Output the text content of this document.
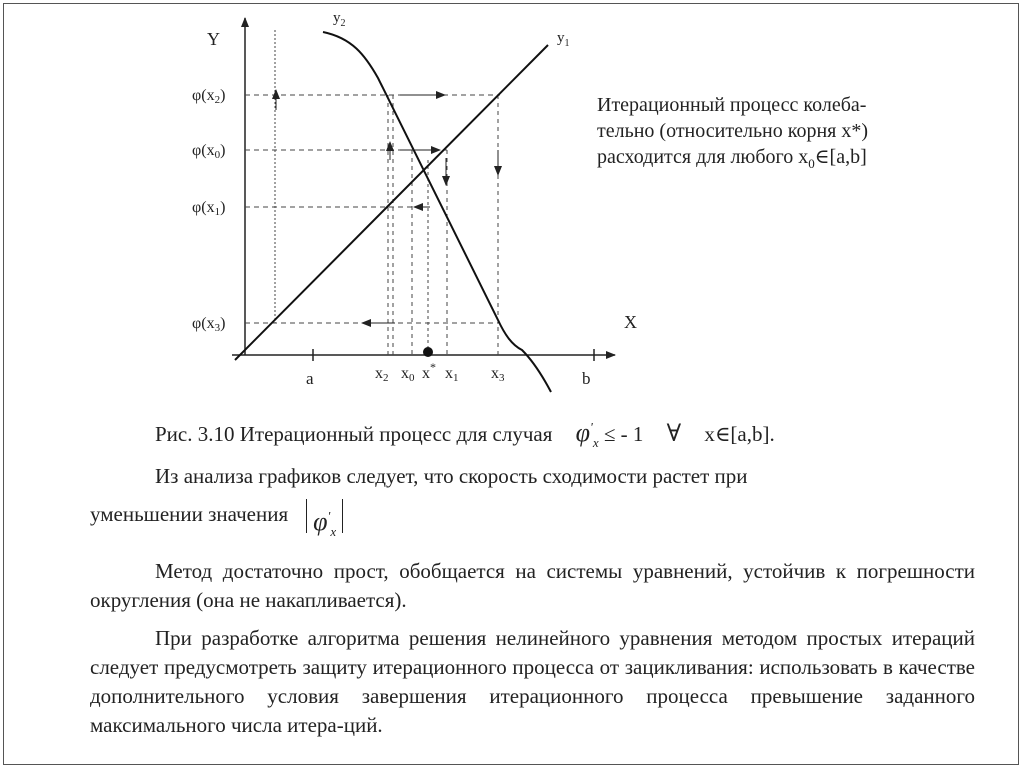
Y
X
$y_2$
$y_1$
φ(x2)
φ(x0)
φ(x1)
φ(x3)
a	x2 x0 x* x1 x3	b

Итерационный процесс колеба-
тельно (относительно корня x*)
расходится для любого $x_0\in[a,b]$

Рис. 3.10 Итерационный процесс для случая $\varphi'_x$ ≤ - 1 ∀ x∈[a,b].

Из анализа графиков следует, что скорость сходимости растет при
уменьшении значения $\varphi'_x$

Метод достаточно прост, обобщается на системы уравнений, устойчив к погрешности округления (она не накапливается).

При разработке алгоритма решения нелинейного уравнения методом простых итераций следует предусмотреть защиту итерационного процесса от зацикливания: использовать в качестве дополнительного условия завершения итерационного процесса превышение заданного максимального числа итера-ций.
